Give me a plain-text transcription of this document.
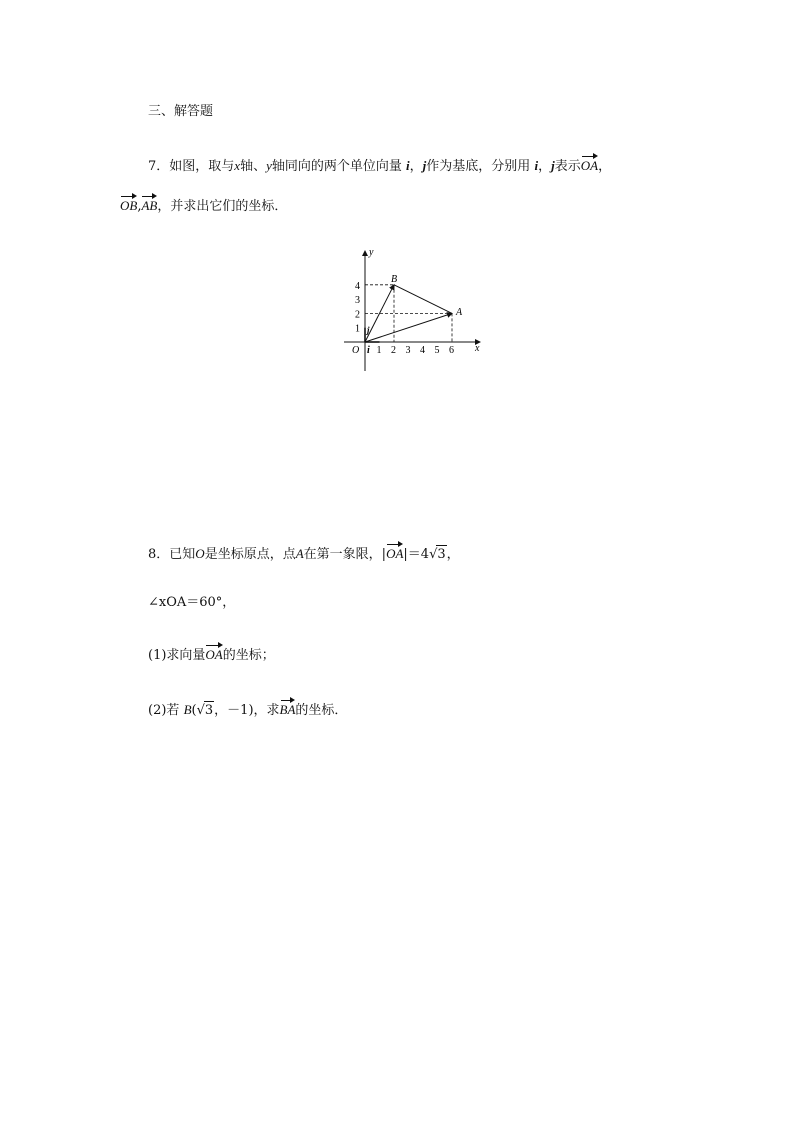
三、解答题
7．如图，取与x轴、y轴同向的两个单位向量 i，j作为基底，分别用 i，j表示OA，
OB,AB，并求出它们的坐标．
1 2 3 4 5 6
1
2
3
4
x
y
O i
j
B
A
8．已知O是坐标原点，点A在第一象限，|OA|＝4√3，
∠xOA＝60°，
(1)求向量OA的坐标；
(2)若 B(√3，－1)，求BA的坐标．
